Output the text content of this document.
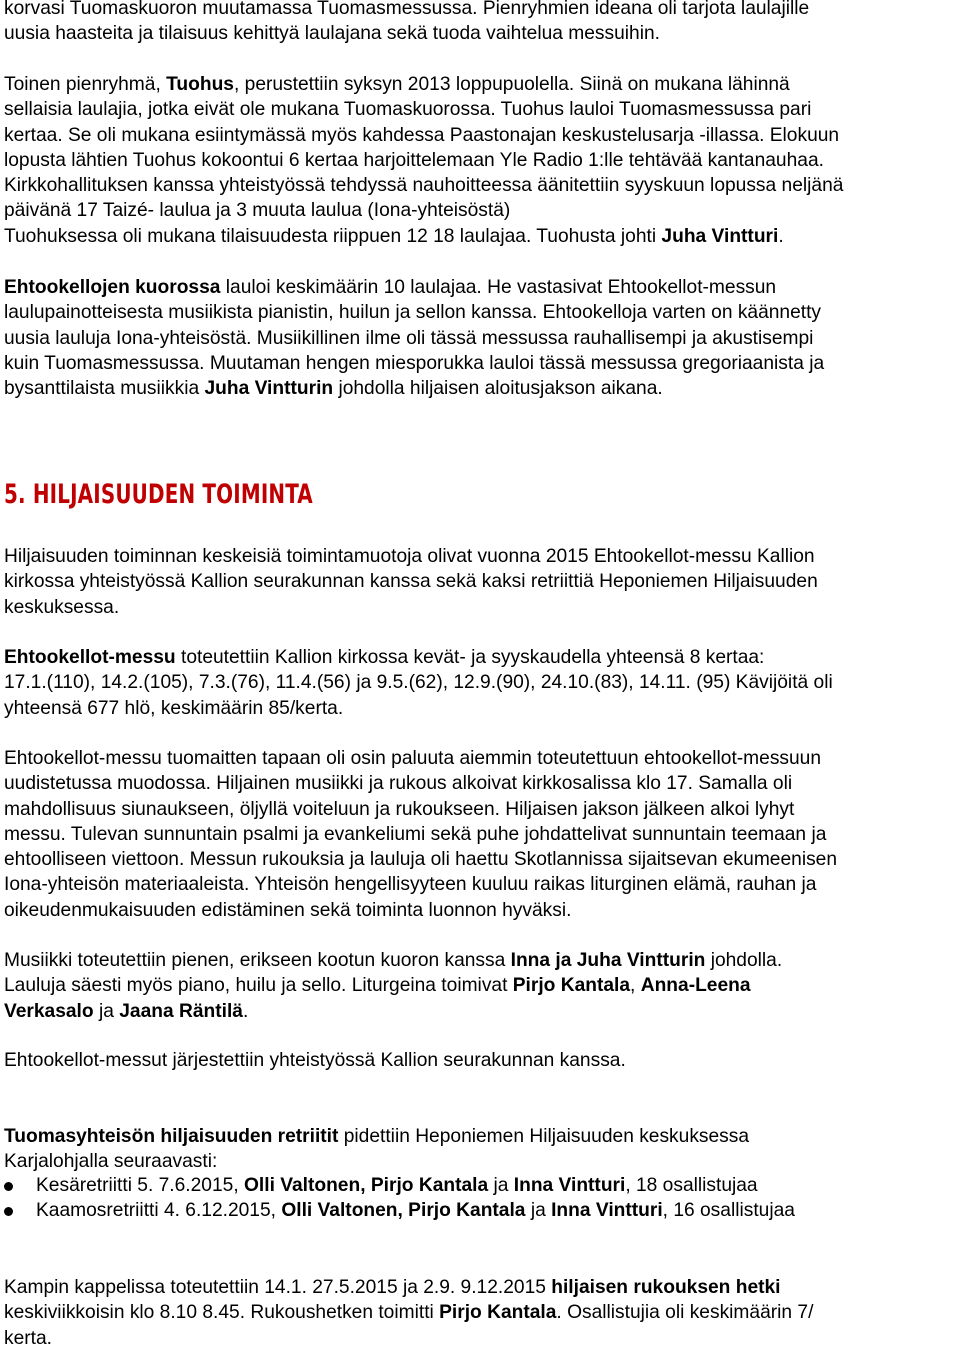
korvasi Tuomaskuoron muutamassa Tuomasmessussa. Pienryhmien ideana oli tarjota laulajille
uusia haasteita ja tilaisuus kehittyä laulajana sekä tuoda vaihtelua messuihin.
Toinen pienryhmä, Tuohus, perustettiin syksyn 2013 loppupuolella. Siinä on mukana lähinnä
sellaisia laulajia, jotka eivät ole mukana Tuomaskuorossa. Tuohus lauloi Tuomasmessussa pari
kertaa. Se oli mukana esiintymässä myös kahdessa Paastonajan keskustelusarja -illassa. Elokuun
lopusta lähtien Tuohus kokoontui 6 kertaa harjoittelemaan Yle Radio 1:lle tehtävää kantanauhaa.
Kirkkohallituksen kanssa yhteistyössä tehdyssä nauhoitteessa äänitettiin syyskuun lopussa neljänä
päivänä 17 Taizé- laulua ja 3 muuta laulua (Iona-yhteisöstä)
Tuohuksessa oli mukana tilaisuudesta riippuen 12 18 laulajaa. Tuohusta johti Juha Vintturi.
Ehtookellojen kuorossa lauloi keskimäärin 10 laulajaa. He vastasivat Ehtookellot-messun
laulupainotteisesta musiikista pianistin, huilun ja sellon kanssa. Ehtookelloja varten on käännetty
uusia lauluja Iona-yhteisöstä. Musiikillinen ilme oli tässä messussa rauhallisempi ja akustisempi
kuin Tuomasmessussa. Muutaman hengen miesporukka lauloi tässä messussa gregoriaanista ja
bysanttilaista musiikkia Juha Vintturin johdolla hiljaisen aloitusjakson aikana.
5. HILJAISUUDEN TOIMINTA
Hiljaisuuden toiminnan keskeisiä toimintamuotoja olivat vuonna 2015 Ehtookellot-messu Kallion
kirkossa yhteistyössä Kallion seurakunnan kanssa sekä kaksi retriittiä Heponiemen Hiljaisuuden
keskuksessa.
Ehtookellot-messu toteutettiin Kallion kirkossa kevät- ja syyskaudella yhteensä 8 kertaa:
17.1.(110), 14.2.(105), 7.3.(76), 11.4.(56) ja 9.5.(62), 12.9.(90), 24.10.(83), 14.11. (95) Kävijöitä oli
yhteensä 677 hlö, keskimäärin 85/kerta.
Ehtookellot-messu tuomaitten tapaan oli osin paluuta aiemmin toteutettuun ehtookellot-messuun
uudistetussa muodossa. Hiljainen musiikki ja rukous alkoivat kirkkosalissa klo 17. Samalla oli
mahdollisuus siunaukseen, öljyllä voiteluun ja rukoukseen. Hiljaisen jakson jälkeen alkoi lyhyt
messu. Tulevan sunnuntain psalmi ja evankeliumi sekä puhe johdattelivat sunnuntain teemaan ja
ehtoolliseen viettoon. Messun rukouksia ja lauluja oli haettu Skotlannissa sijaitsevan ekumeenisen
Iona-yhteisön materiaaleista. Yhteisön hengellisyyteen kuuluu raikas liturginen elämä, rauhan ja
oikeudenmukaisuuden edistäminen sekä toiminta luonnon hyväksi.
Musiikki toteutettiin pienen, erikseen kootun kuoron kanssa Inna ja Juha Vintturin johdolla.
Lauluja säesti myös piano, huilu ja sello. Liturgeina toimivat Pirjo Kantala, Anna-Leena
Verkasalo ja Jaana Räntilä.
Ehtookellot-messut järjestettiin yhteistyössä Kallion seurakunnan kanssa.
Tuomasyhteisön hiljaisuuden retriitit pidettiin Heponiemen Hiljaisuuden keskuksessa
Karjalohjalla seuraavasti:
Kesäretriitti 5. 7.6.2015, Olli Valtonen, Pirjo Kantala ja Inna Vintturi, 18 osallistujaa
Kaamosretriitti 4. 6.12.2015, Olli Valtonen, Pirjo Kantala ja Inna Vintturi, 16 osallistujaa
Kampin kappelissa toteutettiin 14.1. 27.5.2015 ja 2.9. 9.12.2015 hiljaisen rukouksen hetki
keskiviikkoisin klo 8.10 8.45. Rukoushetken toimitti Pirjo Kantala. Osallistujia oli keskimäärin 7/
kerta.
